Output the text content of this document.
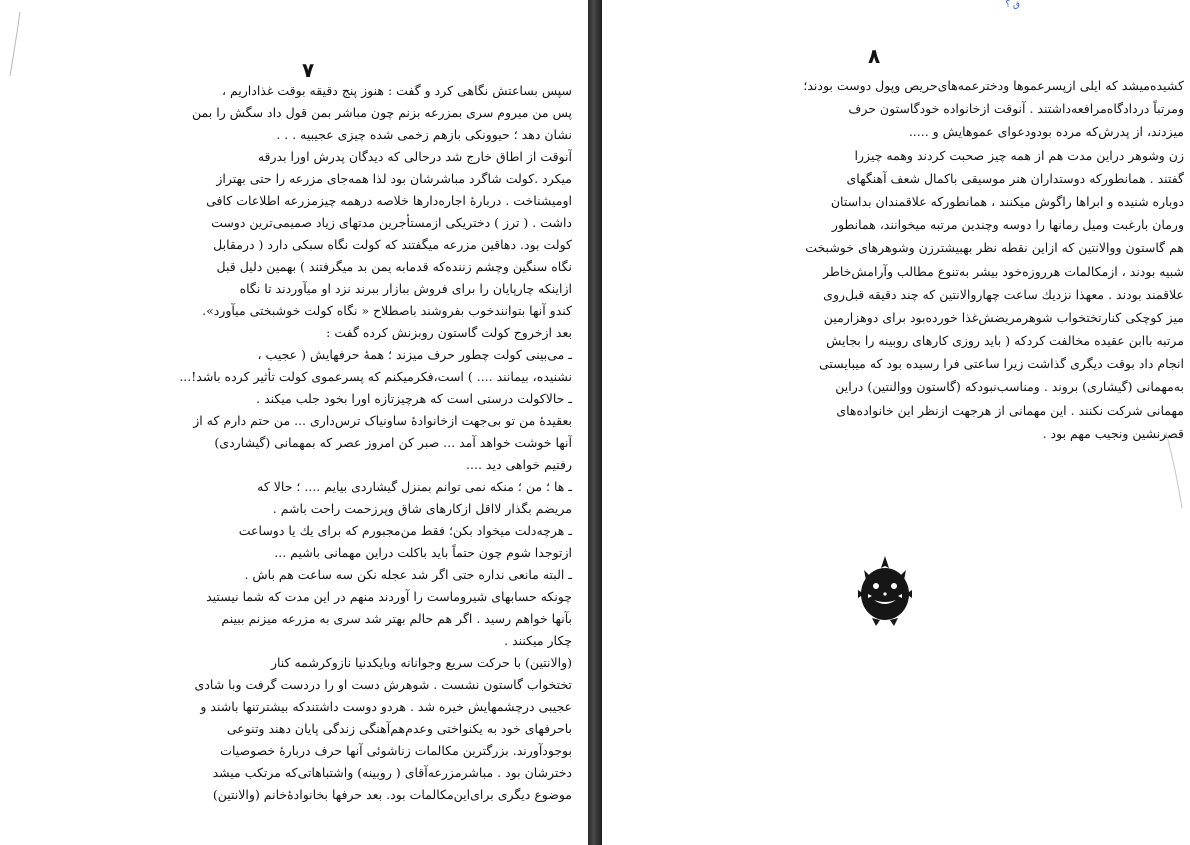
۷

سپس بساعتش نگاهی کرد و گفت : هنوز پنج دقیقه بوقت غذاداریم ،

پس من میروم سری بمزرعه بزنم چون مباشر بمن قول داد سگش را بمن

نشان دهد ؛ حیوونکی بازهم زخمی شده چیزی عجیبیه . . .

آنوقت از اطاق خارج شد درحالی که دیدگان پدرش اورا بدرقه

میکرد .کولت شاگرد مباشرشان بود لذا همه‌جای مزرعه را حتی بهتراز

اومیشناخت . دربارهٔ اجاره‌دارها خلاصه درهمه چیزمزرعه اطلاعات کافی

داشت . ( ترز ) دختریکی ازمستأجرین مدتهای زیاد صمیمی‌ترین دوست

کولت بود. دهاقین مزرعه میگفتند که کولت نگاه سبکی دارد ( درمقابل

نگاه سنگین وچشم زننده‌که قدمابه یمن بد میگرفتند ) بهمین دلیل قبل

ازاینکه چارپایان را برای فروش ببازار ببرند نزد او میآوردند تا نگاه

کندو آنها بتوانندخوب بفروشند باصطلاح « نگاه کولت خوشبختی میآورد».

بعد ازخروج کولت گاستون روبزنش کرده گفت :

ـ می‌بینی کولت چطور حرف میزند ؛ همهٔ حرفهایش ( عجیب ،

نشنیده، بیمانند .... ) است،فکرمیکنم که پسرعموی کولت تأثیر کرده باشد!...

ـ حالاکولت درستی است که هرچیزتازه اورا بخود جلب میکند .

بعقیدهٔ من تو بی‌جهت ازخانوادهٔ ساونیاک ترس‌داری ... من حتم دارم که از

آنها خوشت خواهد آمد ... صبر کن امروز عصر که بمهمانی (گیشاردی)

رفتیم خواهی دید ....

ـ ها ؛ من ؛ منکه نمی توانم بمنزل گیشاردی بیایم .... ؛ حالا که

مریضم بگذار لااقل ازکارهای شاق وپرزحمت راحت باشم .

ـ هرچه‌دلت میخواد بکن؛ فقط من‌مجبورم که برای یك یا دوساعت

ازتوجدا شوم چون حتماً باید باکلت دراین مهمانی باشیم ...

ـ البته مانعی نداره حتی اگر شد عجله نکن سه ساعت هم باش .

چونکه حسابهای شیروماست را آوردند منهم در این مدت که شما نیستید

بآنها خواهم رسید . اگر هم حالم بهتر شد سری به مزرعه میزنم ببینم

چکار میکنند .

(والانتین) با حرکت سریع وجوانانه وبایکدنیا نازوکرشمه کنار

تختخواب گاستون نشست . شوهرش دست او را دردست گرفت وبا شادی

عجیبی درچشمهایش خیره شد . هردو دوست داشتندکه بیشترتنها باشند و

باحرفهای خود به یکنواختی وعدم‌هم‌آهنگی زندگی پایان دهند وتنوعی

بوجودآورند. بزرگترین مکالمات زناشوئی آنها حرف دربارهٔ خصوصیات

دخترشان بود . مباشرمزرعه‌آقای ( روبینه) واشتباهاتی‌که مرتکب میشد

موضوع دیگری برای‌این‌مکالمات بود. بعد حرفها بخانوادهٔ‌خانم (والانتین)

ق ؟
۸

کشیده‌میشد که ایلی ازپسرعموها ودخترعمه‌های‌حریص وپول دوست بودند؛

ومرتباً درداد‌گاه‌مرافعه‌داشتند . آنوقت ازخانواده خودگاستون حرف

میزدند، از پدرش‌که مرده بودودعوای عموهایش و .....

زن وشوهر دراین مدت هم از همه چیز صحبت کردند وهمه چیزرا

گفتند . همانطورکه دوستداران هنر موسیقی باکمال شعف آهنگهای

دوباره شنیده و ابراها راگوش میکنند ، همانطورکه علاقمندان بداستان

ورمان بارغبت ومیل رمانها را دوسه وچندین مرتبه میخوانند، همانطور

هم گاستون ووالانتین که ازاین نقطه نظر بهبیشترزن وشوهرهای خوشبخت

شبیه بودند ، ازمکالمات هرروزه‌خود بیشر به‌تنوع مطالب وآرامش‌خاطر

علاقمند بودند . معهذا نزدیك ساعت چهاروالانتین که چند دقیقه قبل‌روی

میز کوچکی کنارتختخواب شوهرمریضش‌غذا خورده‌بود برای دوهزارمین

مرتبه باابن عقیده مخالفت کردکه ( باید روزی کارهای روبینه را بجایش

انجام داد بوقت دیگری گذاشت زیرا ساعتی فرا رسیده بود که میبایستی

به‌مهمانی (گیشاری) بروند . ومناسب‌نبودکه (گاستون ووالنتین) دراین

مهمانی شرکت نکنند . این مهمانی از هرجهت ازنظر این خانواده‌های

قصرنشین ونجیب مهم بود .
